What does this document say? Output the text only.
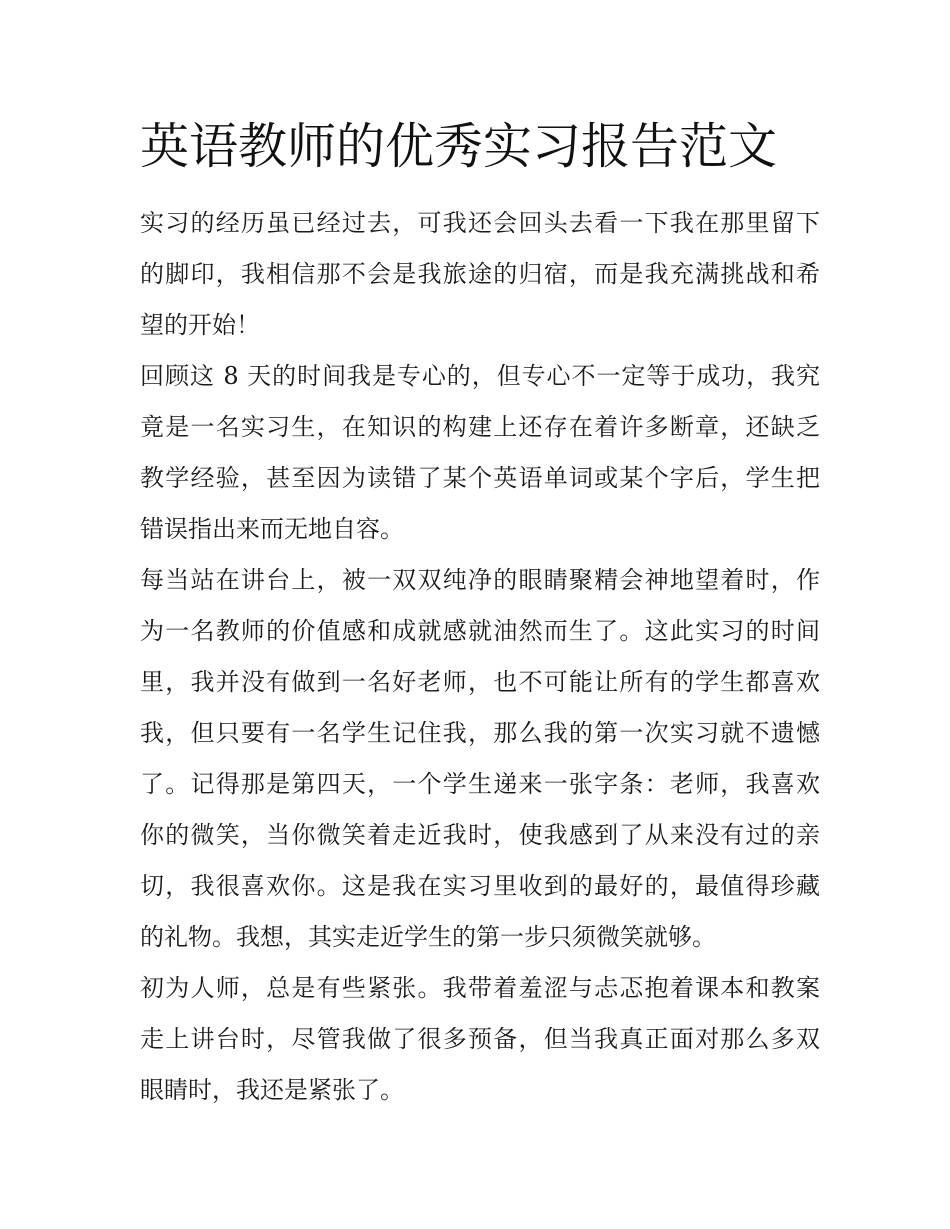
英语教师的优秀实习报告范文

实习的经历虽已经过去，可我还会回头去看一下我在那里留下
的脚印，我相信那不会是我旅途的归宿，而是我充满挑战和希
望的开始！

回顾这 8 天的时间我是专心的，但专心不一定等于成功，我究
竟是一名实习生，在知识的构建上还存在着许多断章，还缺乏
教学经验，甚至因为读错了某个英语单词或某个字后，学生把
错误指出来而无地自容。

每当站在讲台上，被一双双纯净的眼睛聚精会神地望着时，作
为一名教师的价值感和成就感就油然而生了。这此实习的时间
里，我并没有做到一名好老师，也不可能让所有的学生都喜欢
我，但只要有一名学生记住我，那么我的第一次实习就不遗憾
了。记得那是第四天，一个学生递来一张字条：老师，我喜欢
你的微笑，当你微笑着走近我时，使我感到了从来没有过的亲
切，我很喜欢你。这是我在实习里收到的最好的，最值得珍藏
的礼物。我想，其实走近学生的第一步只须微笑就够。

初为人师，总是有些紧张。我带着羞涩与忐忑抱着课本和教案
走上讲台时，尽管我做了很多预备，但当我真正面对那么多双
眼睛时，我还是紧张了。
